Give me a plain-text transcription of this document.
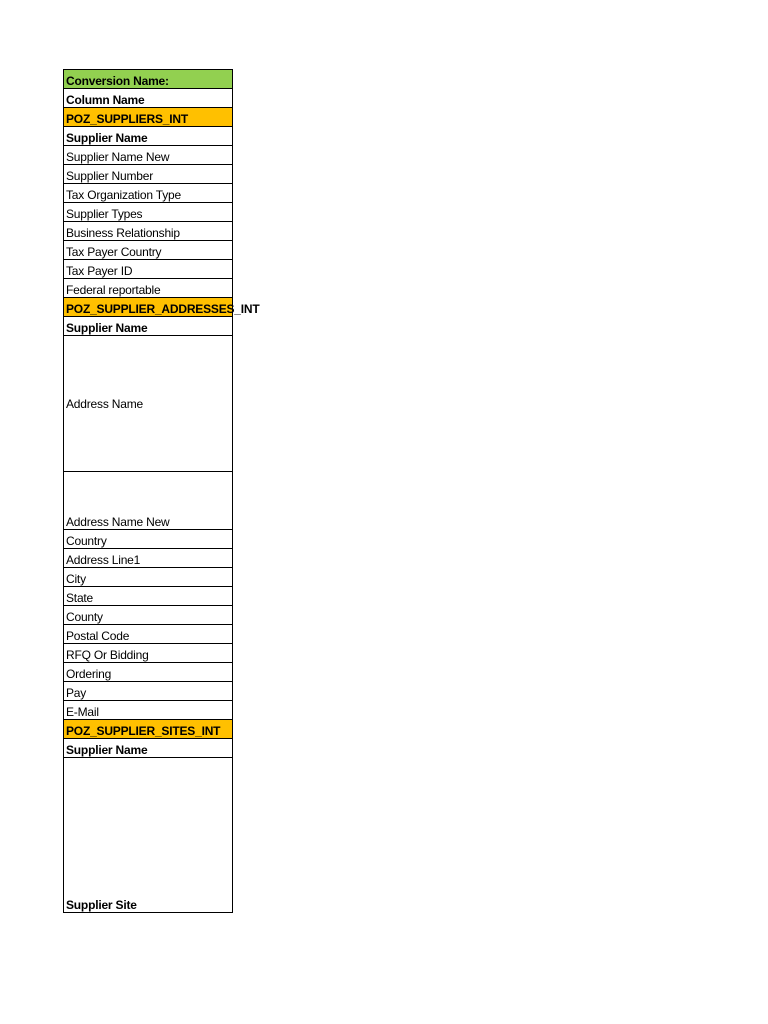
Conversion Name:
Column Name
POZ_SUPPLIERS_INT
Supplier Name
Supplier Name New
Supplier Number
Tax Organization Type
Supplier Types
Business Relationship
Tax Payer Country
Tax Payer ID
Federal reportable
POZ_SUPPLIER_ADDRESSES_INT
Supplier Name
Address Name
Address Name New
Country
Address Line1
City
State
County
Postal Code
RFQ Or Bidding
Ordering
Pay
E-Mail
POZ_SUPPLIER_SITES_INT
Supplier Name
Supplier Site
